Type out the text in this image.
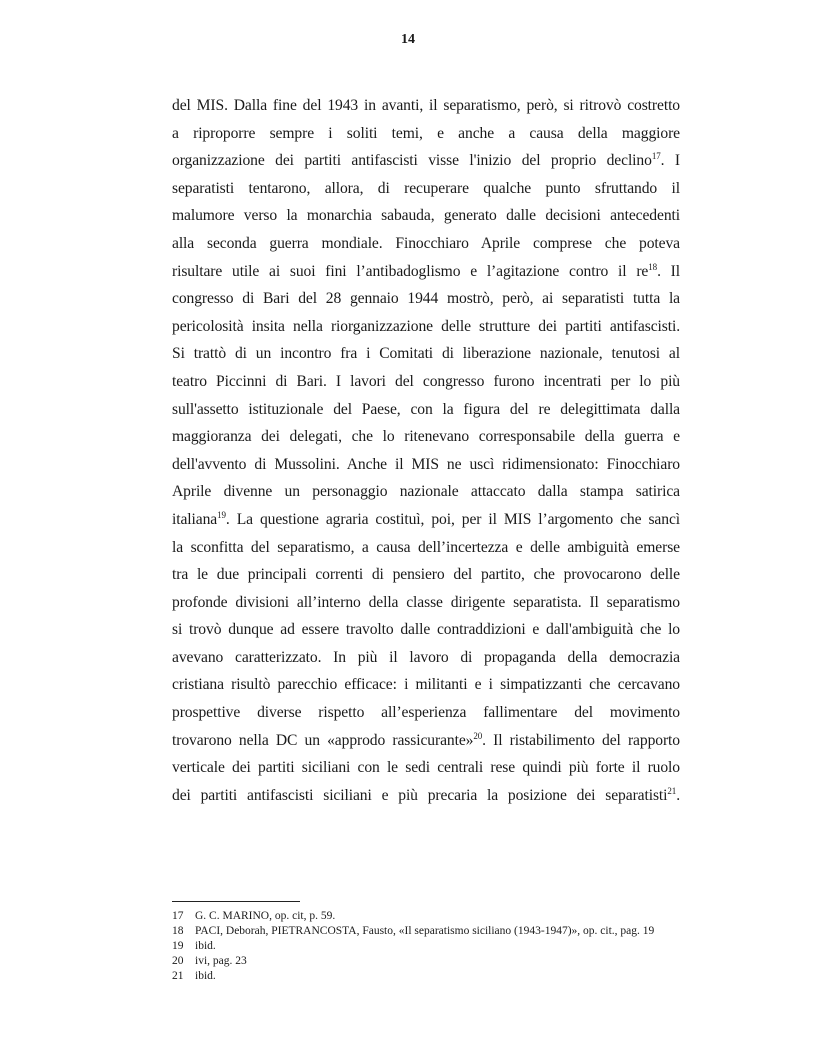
14
del MIS. Dalla fine del 1943 in avanti, il separatismo, però, si ritrovò costretto
a riproporre sempre i soliti temi, e anche a causa della maggiore
organizzazione dei partiti antifascisti visse l'inizio del proprio declino$^{17}$. I
separatisti tentarono, allora, di recuperare qualche punto sfruttando il
malumore verso la monarchia sabauda, generato dalle decisioni antecedenti
alla seconda guerra mondiale. Finocchiaro Aprile comprese che poteva
risultare utile ai suoi fini l’antibadoglismo e l’agitazione contro il re$^{18}$. Il
congresso di Bari del 28 gennaio 1944 mostrò, però, ai separatisti tutta la
pericolosità insita nella riorganizzazione delle strutture dei partiti antifascisti.
Si trattò di un incontro fra i Comitati di liberazione nazionale, tenutosi al
teatro Piccinni di Bari. I lavori del congresso furono incentrati per lo più
sull'assetto istituzionale del Paese, con la figura del re delegittimata dalla
maggioranza dei delegati, che lo ritenevano corresponsabile della guerra e
dell'avvento di Mussolini. Anche il MIS ne uscì ridimensionato: Finocchiaro
Aprile divenne un personaggio nazionale attaccato dalla stampa satirica
italiana$^{19}$. La questione agraria costituì, poi, per il MIS l’argomento che sancì
la sconfitta del separatismo, a causa dell’incertezza e delle ambiguità emerse
tra le due principali correnti di pensiero del partito, che provocarono delle
profonde divisioni all’interno della classe dirigente separatista. Il separatismo
si trovò dunque ad essere travolto dalle contraddizioni e dall'ambiguità che lo
avevano caratterizzato. In più il lavoro di propaganda della democrazia
cristiana risultò parecchio efficace: i militanti e i simpatizzanti che cercavano
prospettive diverse rispetto all’esperienza fallimentare del movimento
trovarono nella DC un «approdo rassicurante»$^{20}$. Il ristabilimento del rapporto
verticale dei partiti siciliani con le sedi centrali rese quindi più forte il ruolo
dei partiti antifascisti siciliani e più precaria la posizione dei separatisti$^{21}$.
17	G. C. MARINO, op. cit, p. 59.
18	PACI, Deborah, PIETRANCOSTA, Fausto, «Il separatismo siciliano (1943-1947)», op. cit., pag. 19
19	ibid.
20	ivi, pag. 23
21	ibid.
